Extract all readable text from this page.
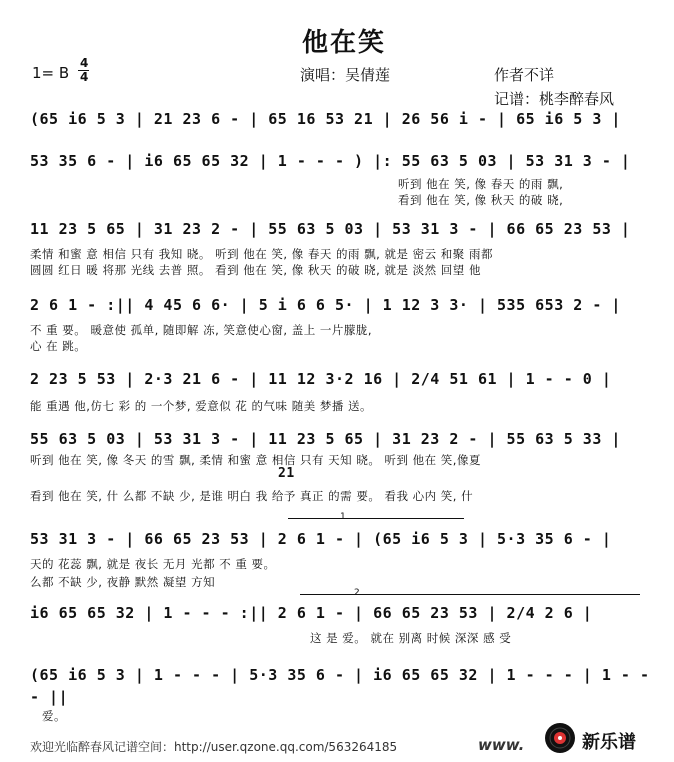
他在笑
1= B
4
4	演唱：吴倩莲	作者不详
记谱：桃李醉春风
(65 i6 5 3 | 21 23 6 - | 65 16 53 21 | 26 56 i - | 65 i6 5 3 |
53 35 6 - | i6 65 65 32 | 1 - - - ) |: 55 63 5 03 | 53 31 3 - |
听到 他在 笑, 像 春天 的雨 飘,
看到 他在 笑, 像 秋天 的破 晓,
11 23 5 65 | 31 23 2 - | 55 63 5 03 | 53 31 3 - | 66 65 23 53 |
柔情 和蜜 意 相信 只有 我知 晓。 听到 他在 笑, 像 春天 的雨 飘, 就是 密云 和聚 雨都
圆圆 红日 暖 将那 光线 去普 照。 看到 他在 笑, 像 秋天 的破 晓, 就是 淡然 回望 他
2 6 1 - :|| 4 45 6 6· | 5 i 6 6 5· | 1 12 3 3· | 535 653 2 - |
不 重 要。 暖意使 孤单, 随即解 冻, 笑意使心窗, 盖上 一片朦胧,
心 在 跳。
2 23 5 53 | 2·3 21 6 - | 11 12 3·2 16 | 2/4 51 61 | 1 - - 0 |
能 重遇 他,仿七 彩 的 一个梦, 爱意似 花 的气味 随美 梦播 送。
55 63 5 03 | 53 31 3 - | 11 23 5 65 | 31 23 2 - | 55 63 5 33 |
听到 他在 笑, 像 冬天 的雪 飘, 柔情 和蜜 意 相信 只有 天知 晓。 听到 他在 笑,像夏
21
看到 他在 笑, 什 么都 不缺 少, 是谁 明白 我 给予 真正 的需 要。 看我 心内 笑, 什
1
53 31 3 - | 66 65 23 53 | 2 6 1 - | (65 i6 5 3 | 5·3 35 6 - |
天的 花蕊 飘, 就是 夜长 无月 光都 不 重 要。
么都 不缺 少, 夜静 默然 凝望 方知
2
i6 65 65 32 | 1 - - - :|| 2 6 1 - | 66 65 23 53 | 2/4 2 6 |
这 是 爱。 就在 别离 时候 深深 感 受
(65 i6 5 3 | 1 - - - | 5·3 35 6 - | i6 65 65 32 | 1 - - - | 1 - - - ||
爱。
欢迎光临醉春风记谱空间：http://user.qzone.qq.com/563264185	www.	新乐谱
